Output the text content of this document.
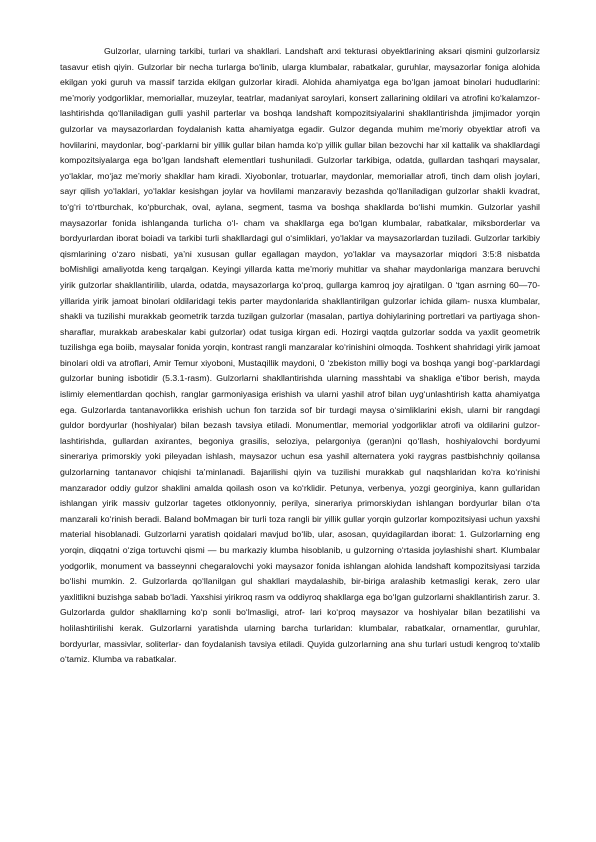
Gulzorlar, ularning tarkibi, turlari va shakllari. Landshaft arxi tekturasi obyektlarining aksari qismini gulzorlarsiz tasavur etish qiyin. Gulzorlar bir necha turlarga bo‘linib, ularga klumbalar, rabatkalar, guruhlar, maysazorlar foniga alohida ekilgan yoki guruh va massif tarzida ekilgan gulzorlar kiradi. Alohida ahamiyatga ega bo‘lgan jamoat binolari hududlarini: me’moriy yodgorliklar, memoriallar, muzeylar, teatrlar, madaniyat saroylari, konsert zallarining oldilari va atrofini ko‘kalamzor- lashtirishda qo‘llaniladigan gulli yashil parterlar va boshqa landshaft kompozitsiyalarini shakllantirishda jimjimador yorqin gulzorlar va maysazorlardan foydalanish katta ahamiyatga egadir. Gulzor deganda muhim me’moriy obyektlar atrofi va hovlilarini, maydonlar, bog‘-parklarni bir yillik gullar bilan hamda ko‘p yillik gullar bilan bezovchi har xil kattalik va shakllardagi kompozitsiyalarga ega bo‘lgan landshaft elementlari tushuniladi. Gulzorlar tarkibiga, odatda, gullardan tashqari maysalar, yo‘laklar, mo‘jaz me’moriy shakllar ham kiradi. Xiyobonlar, trotuarlar, maydonlar, memoriallar atrofi, tinch dam olish joylari, sayr qilish yo‘laklari, yo‘laklar kesishgan joylar va hovlilami manzaraviy bezashda qo‘llaniladigan gulzorlar shakli kvadrat, to‘g‘ri to‘rtburchak, ko‘pburchak, oval, aylana, segment, tasma va boshqa shakllarda bo‘lishi mumkin. Gulzorlar yashil maysazorlar fonida ishlanganda turlicha o‘l- cham va shakllarga ega bo‘lgan klumbalar, rabatkalar, miksborderlar va bordyurlardan iborat boiadi va tarkibi turli shakllardagi gul o‘simliklari, yo‘laklar va maysazorlardan tuziladi. Gulzorlar tarkibiy qismlarining o‘zaro nisbati, ya’ni xususan gullar egallagan maydon, yo‘laklar va maysazorlar miqdori 3:5:8 nisbatda boMishligi amaliyotda keng tarqalgan. Keyingi yillarda katta me’moriy muhitlar va shahar maydonlariga manzara beruvchi yirik gulzorlar shakllantirilib, ularda, odatda, maysazorlarga ko‘proq, gullarga kamroq joy ajratilgan. 0 ‘tgan asrning 60—70-yillarida yirik jamoat binolari oldilaridagi tekis parter maydonlarida shakllantirilgan gulzorlar ichida gilam- nusxa klumbalar, shakli va tuzilishi murakkab geometrik tarzda tuzilgan gulzorlar (masalan, partiya dohiylarining portretlari va partiyaga shon-sharaflar, murakkab arabeskalar kabi gulzorlar) odat tusiga kirgan edi. Hozirgi vaqtda gulzorlar sodda va yaxlit geometrik tuzilishga ega boiib, maysalar fonida yorqin, kontrast rangli manzaralar ko‘rinishini olmoqda. Toshkent shahridagi yirik jamoat binolari oldi va atroflari, Amir Temur xiyoboni, Mustaqillik maydoni, 0 ‘zbekiston milliy bogi va boshqa yangi bog‘-parklardagi gulzorlar buning isbotidir (5.3.1-rasm). Gulzorlarni shakllantirishda ularning masshtabi va shakliga e’tibor berish, mayda islimiy elementlardan qochish, ranglar garmoniyasiga erishish va ularni yashil atrof bilan uyg‘unlashtirish katta ahamiyatga ega. Gulzorlarda tantanavorlikka erishish uchun fon tarzida sof bir turdagi maysa o‘simliklarini ekish, ularni bir rangdagi guldor bordyurlar (hoshiyalar) bilan bezash tavsiya etiladi. Monumentlar, memorial yodgorliklar atrofi va oldilarini gulzor- lashtirishda, gullardan axirantes, begoniya grasilis, seloziya, pelargoniya (geran)ni qo‘llash, hoshiyalovchi bordyumi sinerariya primorskiy yoki pileyadan ishlash, maysazor uchun esa yashil alternatera yoki raygras pastbishchniy qoilansa gulzorlarning tantanavor chiqishi ta’minlanadi. Bajarilishi qiyin va tuzilishi murakkab gul naqshlaridan ko‘ra ko‘rinishi manzarador oddiy gulzor shaklini amalda qoilash oson va ko‘rklidir. Petunya, verbenya, yozgi georginiya, kann gullaridan ishlangan yirik massiv gulzorlar tagetes otklonyonniy, perilya, sinerariya primorskiydan ishlangan bordyurlar bilan o‘ta manzarali ko‘rinish beradi. Baland boMmagan bir turli toza rangli bir yillik gullar yorqin gulzorlar kompozitsiyasi uchun yaxshi material hisoblanadi. Gulzorlarni yaratish qoidalari mavjud bo‘lib, ular, asosan, quyidagilardan iborat: 1. Gulzorlarning eng yorqin, diqqatni o‘ziga tortuvchi qismi — bu markaziy klumba hisoblanib, u gulzorning o‘rtasida joylashishi shart. Klumbalar yodgorlik, monument va basseynni chegaralovchi yoki maysazor fonida ishlangan alohida landshaft kompozitsiyasi tarzida bo‘lishi mumkin. 2. Gulzorlarda qo‘llanilgan gul shakllari maydalashib, bir-biriga aralashib ketmasligi kerak, zero ular yaxlitlikni buzishga sabab bo‘ladi. Yaxshisi yirikroq rasm va oddiyroq shakllarga ega bo‘lgan gulzorlarni shakllantirish zarur. 3. Gulzorlarda guldor shakllarning ko‘p sonli bo‘lmasligi, atrof- lari ko‘proq maysazor va hoshiyalar bilan bezatilishi va holilashtirilishi kerak. Gulzorlarni yaratishda ularning barcha turlaridan: klumbalar, rabatkalar, ornamentlar, guruhlar, bordyurlar, massivlar, soliterlar- dan foydalanish tavsiya etiladi. Quyida gulzorlarning ana shu turlari ustudi kengroq to‘xtalib o‘tamiz. Klumba va rabatkalar.
